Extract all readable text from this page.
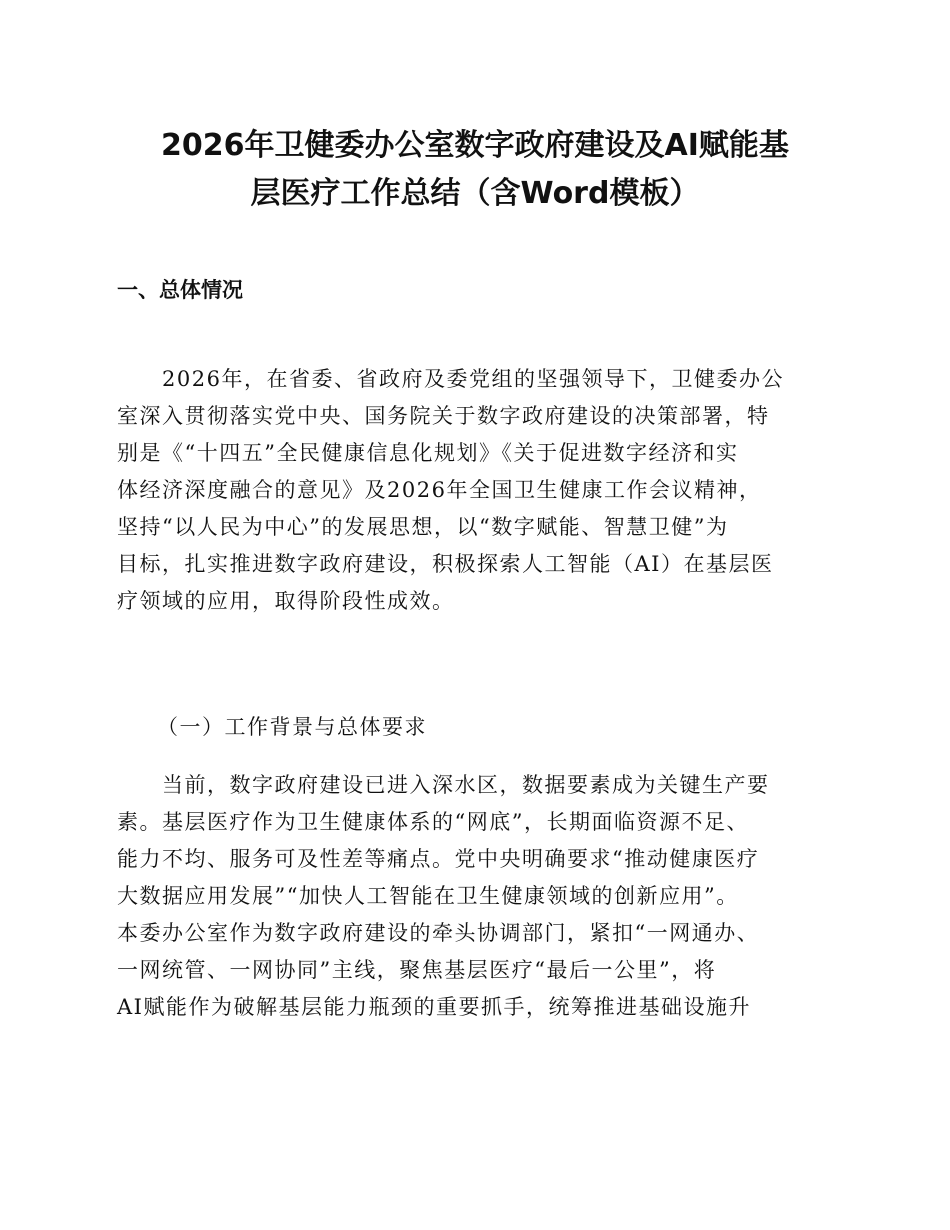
2026年卫健委办公室数字政府建设及AI赋能基
层医疗工作总结（含Word模板）
一、总体情况
　　2026年，在省委、省政府及委党组的坚强领导下，卫健委办公
室深入贯彻落实党中央、国务院关于数字政府建设的决策部署，特
别是《“十四五”全民健康信息化规划》《关于促进数字经济和实
体经济深度融合的意见》及2026年全国卫生健康工作会议精神，
坚持“以人民为中心”的发展思想，以“数字赋能、智慧卫健”为
目标，扎实推进数字政府建设，积极探索人工智能（AI）在基层医
疗领域的应用，取得阶段性成效。
（一）工作背景与总体要求
　　当前，数字政府建设已进入深水区，数据要素成为关键生产要
素。基层医疗作为卫生健康体系的“网底”，长期面临资源不足、
能力不均、服务可及性差等痛点。党中央明确要求“推动健康医疗
大数据应用发展”“加快人工智能在卫生健康领域的创新应用”。
本委办公室作为数字政府建设的牵头协调部门，紧扣“一网通办、
一网统管、一网协同”主线，聚焦基层医疗“最后一公里”，将
AI赋能作为破解基层能力瓶颈的重要抓手，统筹推进基础设施升
